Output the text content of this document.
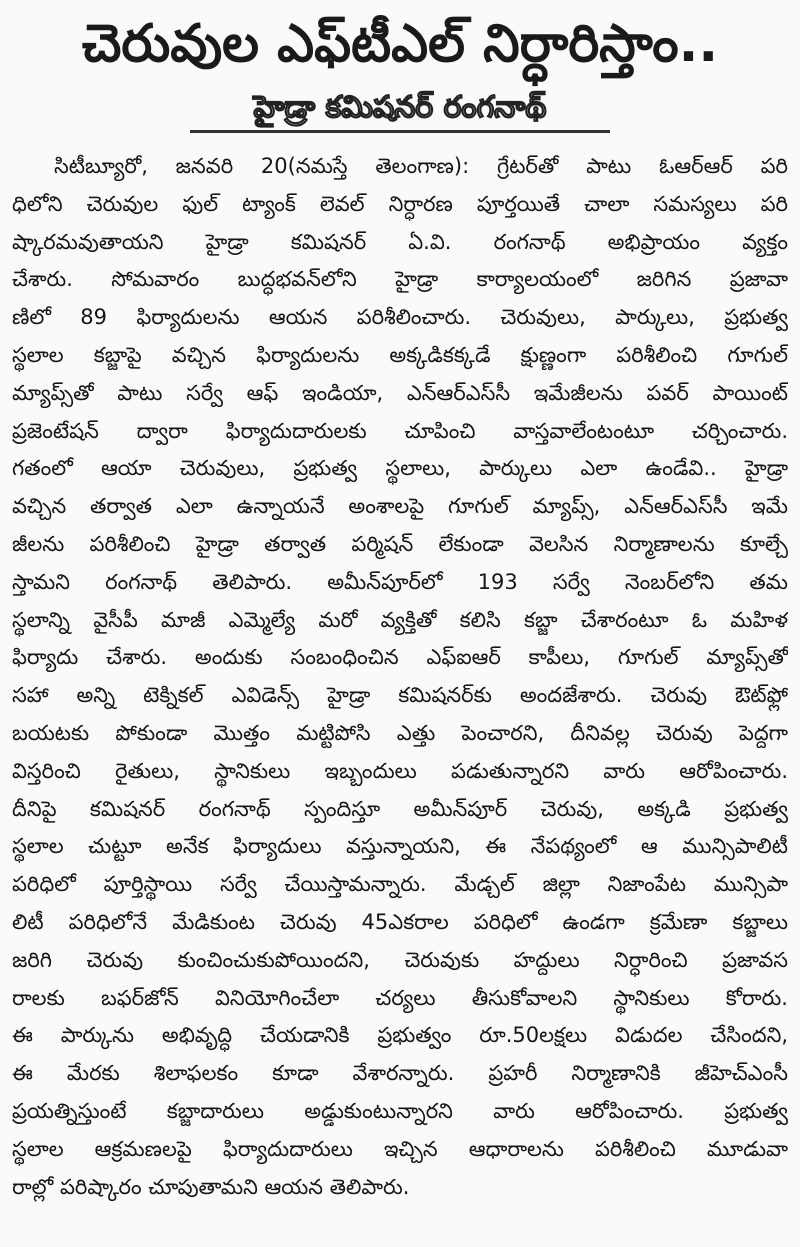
చెరువుల ఎఫ్‌టీఎల్ నిర్ధారిస్తాం..
హైడ్రా కమిషనర్ రంగనాథ్
సిటీబ్యూరో, జనవరి 20(నమస్తే తెలంగాణ): గ్రేటర్‌తో పాటు ఓఆర్‌ఆర్ పరి
ధిలోని చెరువుల ఫుల్ ట్యాంక్ లెవల్ నిర్ధారణ పూర్తయితే చాలా సమస్యలు పరి
ష్కారమవుతాయని హైడ్రా కమిషనర్ ఏ.వి. రంగనాథ్ అభిప్రాయం వ్యక్తం
చేశారు. సోమవారం బుద్ధభవన్‌లోని హైడ్రా కార్యాలయంలో జరిగిన ప్రజావా
ణిలో 89 ఫిర్యాదులను ఆయన పరిశీలించారు. చెరువులు, పార్కులు, ప్రభుత్వ
స్థలాల కబ్జాపై వచ్చిన ఫిర్యాదులను అక్కడికక్కడే క్షుణ్ణంగా పరిశీలించి గూగుల్
మ్యాప్స్‌తో పాటు సర్వే ఆఫ్ ఇండియా, ఎన్ఆర్ఎస్‌సీ ఇమేజీలను పవర్ పాయింట్
ప్రజెంటేషన్ ద్వారా ఫిర్యాదుదారులకు చూపించి వాస్తవాలేంటంటూ చర్చించారు.
గతంలో ఆయా చెరువులు, ప్రభుత్వ స్థలాలు, పార్కులు ఎలా ఉండేవి.. హైడ్రా
వచ్చిన తర్వాత ఎలా ఉన్నాయనే అంశాలపై గూగుల్ మ్యాప్స్, ఎన్ఆర్ఎస్‌సీ ఇమే
జీలను పరిశీలించి హైడ్రా తర్వాత పర్మిషన్ లేకుండా వెలసిన నిర్మాణాలను కూల్చే
స్తామని రంగనాథ్ తెలిపారు. అమీన్‌పూర్‌లో 193 సర్వే నెంబర్‌లోని తమ
స్థలాన్ని వైసీపీ మాజీ ఎమ్మెల్యే మరో వ్యక్తితో కలిసి కబ్జా చేశారంటూ ఓ మహిళ
ఫిర్యాదు చేశారు. అందుకు సంబంధించిన ఎఫ్ఐఆర్ కాపీలు, గూగుల్ మ్యాప్స్‌తో
సహా అన్ని టెక్నికల్ ఎవిడెన్స్ హైడ్రా కమిషనర్‌కు అందజేశారు. చెరువు ఔట్‌ఫ్లో
బయటకు పోకుండా మొత్తం మట్టిపోసి ఎత్తు పెంచారని, దీనివల్ల చెరువు పెద్దగా
విస్తరించి రైతులు, స్థానికులు ఇబ్బందులు పడుతున్నారని వారు ఆరోపించారు.
దీనిపై కమిషనర్ రంగనాథ్ స్పందిస్తూ అమీన్‌పూర్ చెరువు, అక్కడి ప్రభుత్వ
స్థలాల చుట్టూ అనేక ఫిర్యాదులు వస్తున్నాయని, ఈ నేపథ్యంలో ఆ మున్సిపాలిటీ
పరిధిలో పూర్తిస్థాయి సర్వే చేయిస్తామన్నారు. మేడ్చల్ జిల్లా నిజాంపేట మున్సిపా
లిటీ పరిధిలోనే మేడికుంట చెరువు 45ఎకరాల పరిధిలో ఉండగా క్రమేణా కబ్జాలు
జరిగి చెరువు కుంచించుకుపోయిందని, చెరువుకు హద్దులు నిర్ధారించి ప్రజావస
రాలకు బఫర్‌జోన్ వినియోగించేలా చర్యలు తీసుకోవాలని స్థానికులు కోరారు.
ఈ పార్కును అభివృద్ధి చేయడానికి ప్రభుత్వం రూ.50లక్షలు విడుదల చేసిందని,
ఈ మేరకు శిలాఫలకం కూడా వేశారన్నారు. ప్రహరీ నిర్మాణానికి జీహెచ్ఎంసీ
ప్రయత్నిస్తుంటే కబ్జాదారులు అడ్డుకుంటున్నారని వారు ఆరోపించారు. ప్రభుత్వ
స్థలాల ఆక్రమణలపై ఫిర్యాదుదారులు ఇచ్చిన ఆధారాలను పరిశీలించి మూడువా
రాల్లో పరిష్కారం చూపుతామని ఆయన తెలిపారు.
